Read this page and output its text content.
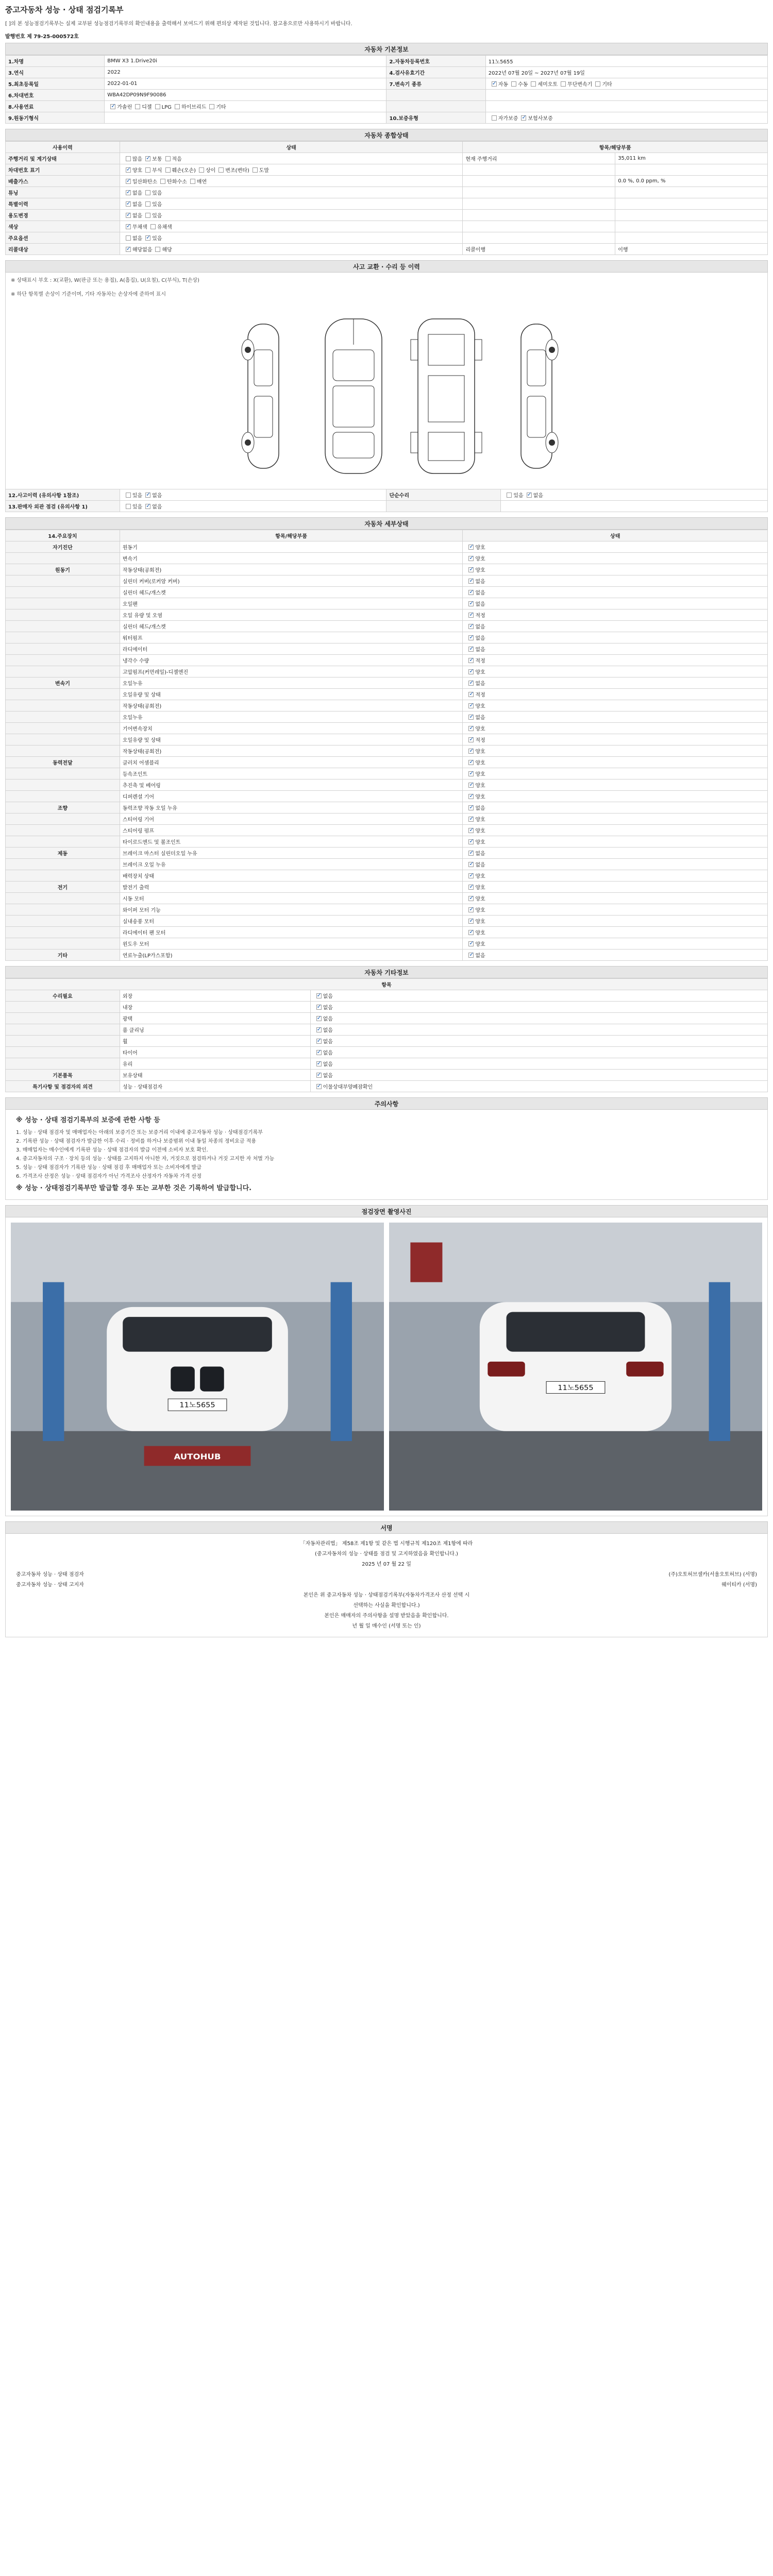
중고자동차 성능 · 상태 점검기록부
[ ]의 본 성능점검기록부는 실제 교부된 성능점검기록부의 확인내용을 출력해서 보여드기 위해 편의상 제작된 것입니다. 참고용으로만 사용하시기 바랍니다.
발행번호 제 79-25-000572호
자동차 기본정보
1.차명	BMW X3 1.Drive20i	2.자동차등록번호	11노5655
3.연식	2022	4.검사유효기간	2022년 07월 20일 ~ 2027년 07월 19일
5.최초등록일	2022-01-01	7.변속기 종류	✓자동 수동 세미오토 무단변속기 기타
6.차대번호	WBA42DP09N9F90086		
8.사용연료	✓가솔린 디젤 LPG 하이브리드 기타		
9.원동기형식		10.보증유형	자가보증 ✓ 보험사보증
자동차 종합상태
사용이력	상태	항목/해당부품	
주행거리 및 계기상태	많음 ✓ 보통 적음	현재 주행거리	35,011 km
차대번호 표기	✓양호 부식 훼손(오손) 상이 변조(변타) 도말		
배출가스	✓일산화탄소 탄화수소 매연		0.0 %, 0.0 ppm, %
튜닝	✓없음 있음		
특별이력	✓없음 있음		
용도변경	✓없음 있음		
색상	✓무채색 유채색		
주요옵션	없음 ✓ 있음		
리콜대상	✓해당없음 해당	리콜이행	이행
사고 교환 · 수리 등 이력
※ 상태표시 부호 : X(교환), W(판금 또는 용접), A(흠집), U(요철), C(부식), T(손상)
※ 하단 항목별 손상이 기준이며, 기타 자동차는 손상자에 준하여 표시
12.사고이력 (유의사항 1참조)	있음 ✓ 없음	단순수리	있음 ✓ 없음
13.판매자 외관 점검 (유의사항 1)	있음 ✓ 없음		
자동차 세부상태
14.주요장치	항목/해당부품	상태
자기진단	원동기	✓양호
	변속기	✓양호
원동기	작동상태(공회전)	✓양호
	실린더 커버(로커암 커버)	✓없음
	실린더 헤드/개스켓	✓없음
	오일팬	✓없음
	오일 유량 및 오염	✓적정
	실린더 헤드/개스켓	✓없음
	워터펌프	✓없음
	라디에이터	✓없음
	냉각수 수량	✓적정
	고압펌프(커먼레일)-디젤엔진	✓양호
변속기	오일누유	✓없음
	오일유량 및 상태	✓적정
	작동상태(공회전)	✓양호
	오일누유	✓없음
	기어변속장치	✓양호
	오일유량 및 상태	✓적정
	작동상태(공회전)	✓양호
동력전달	클러치 어셈블리	✓양호
	등속조인트	✓양호
	추진축 및 베어링	✓양호
	디퍼렌셜 기어	✓양호
조향	동력조향 작동 오일 누유	✓없음
	스티어링 기어	✓양호
	스티어링 펌프	✓양호
	타이로드엔드 및 볼조인트	✓양호
제동	브레이크 마스터 실린더오일 누유	✓없음
	브레이크 오일 누유	✓없음
	배력장치 상태	✓양호
전기	발전기 출력	✓양호
	시동 모터	✓양호
	와이퍼 모터 기능	✓양호
	실내송풍 모터	✓양호
	라디에이터 팬 모터	✓양호
	윈도우 모터	✓양호
기타	연료누출(LP가스포함)	✓없음
자동차 기타정보
항목		
수리필요	외장	✓없음
	내장	✓없음
	광택	✓없음
	룸 클리닝	✓없음
	휠	✓없음
	타이어	✓없음
	유리	✓없음
기본품목	보유상태	✓없음
특기사항 및 점검자의 의견	성능 · 상태점검자	✓이물상대부양폐잠확인
주의사항
※ 성능 · 상태 점검기록부의 보증에 관한 사항 등
1. 성능 · 상태 점검자 및 매매업자는 아래의 보증기간 또는 보증거리 이내에 중고자동차 성능 · 상태점검기록부
2. 기록판 성능 · 상태 점검자가 발급한 이후 수리 · 정비를 하거나 보증범위 이내 동일 차종의 정비요금 적용
3. 매매업자는 매수인에게 기록판 성능 · 상태 점검자의 발급 이전에 소비자 보호 확인.
4. 중고자동차의 구조 · 장치 등의 성능 · 상태를 고지하지 아니한 자, 거짓으로 점검하거나 거짓 고지한 자 처벌 가능
5. 성능 · 상태 점검자가 기록판 성능 · 상태 점검 후 매매업자 또는 소비자에게 발급
6. 가격조사 산정은 성능 · 상태 점검자가 아닌 가격조사 산정자가 자동차 가격 산정
※ 성능 · 상태점검기록부만 발급할 경우 또는 교부한 것은 기록하여 발급합니다.
점검장면 촬영사진
11노5655
AUTOHUB
11노5655
서명
「자동차관리법」 제58조 제1항 및 같은 법 시행규칙 제120조 제1항에 따라
(중고자동차의 성능 · 상태를 점검 및 고지하였음을 확인합니다.)
2025 년 07 월 22 일
중고자동차 성능 · 상태 점검자	(주)오토허브셀카(서울오토허브) (서명)
중고자동차 성능 · 상태 고지자	웨이티카 (서명)
본인은 위 중고자동차 성능 · 상태점검기록부(자동차가격조사 산정 선택 시
선택하는 사실을 확인합니다.)
본인은 매매자의 주의사항을 설명 받았음을 확인합니다.
년 월 일 매수인 (서명 또는 인)
